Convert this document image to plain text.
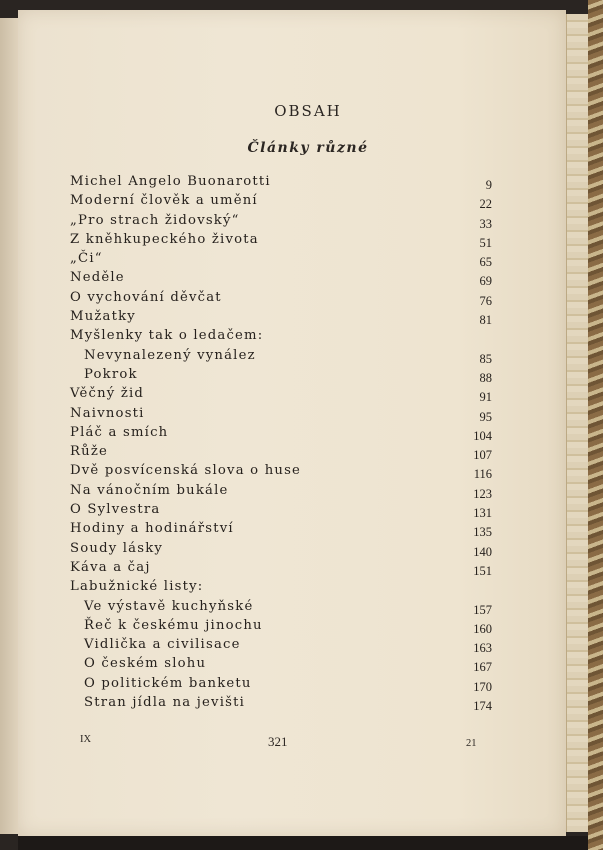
OBSAH
Články různé
Michel Angelo Buonarotti	9
Moderní člověk a umění	22
„Pro strach židovský“	33
Z kněhkupeckého života	51
„Či“	65
Neděle	69
O vychování děvčat	76
Mužatky	81
Myšlenky tak o ledačem:
Nevynalezený vynález	85
Pokrok	88
Věčný žid	91
Naivnosti	95
Pláč a smích	104
Růže	107
Dvě posvícenská slova o huse	116
Na vánočním bukále	123
O Sylvestra	131
Hodiny a hodinářství	135
Soudy lásky	140
Káva a čaj	151
Labužnické listy:
Ve výstavě kuchyňské	157
Řeč k českému jinochu	160
Vidlička a civilisace	163
O českém slohu	167
O politickém banketu	170
Stran jídla na jevišti	174
IX	321	21
